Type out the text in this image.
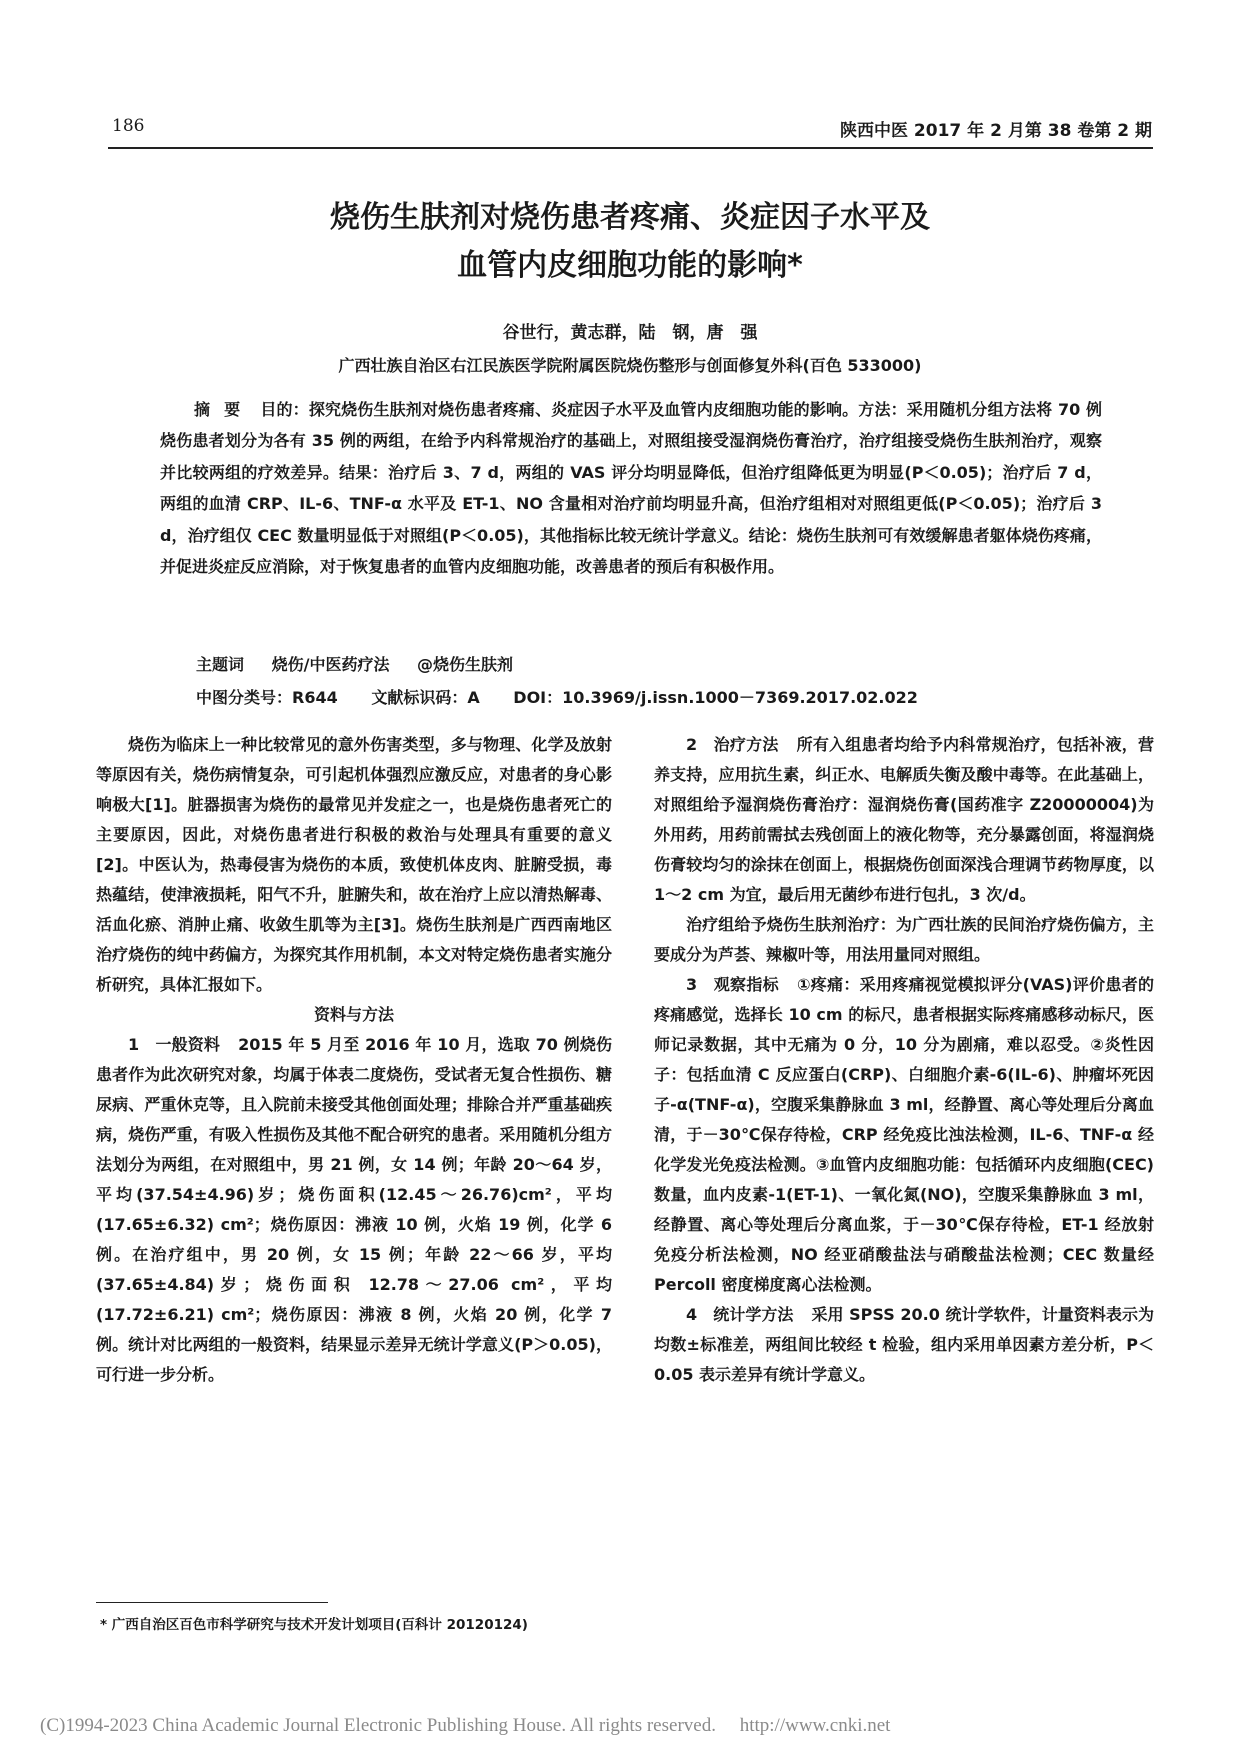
186	陕西中医 2017 年 2 月第 38 卷第 2 期
烧伤生肤剂对烧伤患者疼痛、炎症因子水平及
血管内皮细胞功能的影响*
谷世行，黄志群，陆　钢，唐　强
广西壮族自治区右江民族医学院附属医院烧伤整形与创面修复外科(百色 533000)
摘要 目的：探究烧伤生肤剂对烧伤患者疼痛、炎症因子水平及血管内皮细胞功能的影响。方法：采用随机分组方法将 70 例烧伤患者划分为各有 35 例的两组，在给予内科常规治疗的基础上，对照组接受湿润烧伤膏治疗，治疗组接受烧伤生肤剂治疗，观察并比较两组的疗效差异。结果：治疗后 3、7 d，两组的 VAS 评分均明显降低，但治疗组降低更为明显(P＜0.05)；治疗后 7 d，两组的血清 CRP、IL-6、TNF-α 水平及 ET-1、NO 含量相对治疗前均明显升高，但治疗组相对对照组更低(P＜0.05)；治疗后 3 d，治疗组仅 CEC 数量明显低于对照组(P＜0.05)，其他指标比较无统计学意义。结论：烧伤生肤剂可有效缓解患者躯体烧伤疼痛，并促进炎症反应消除，对于恢复患者的血管内皮细胞功能，改善患者的预后有积极作用。
主题词 烧伤/中医药疗法 @烧伤生肤剂
中图分类号：R644 文献标识码：A DOI：10.3969/j.issn.1000－7369.2017.02.022

烧伤为临床上一种比较常见的意外伤害类型，多与物理、化学及放射等原因有关，烧伤病情复杂，可引起机体强烈应激反应，对患者的身心影响极大[1]。脏器损害为烧伤的最常见并发症之一，也是烧伤患者死亡的主要原因，因此，对烧伤患者进行积极的救治与处理具有重要的意义[2]。中医认为，热毒侵害为烧伤的本质，致使机体皮肉、脏腑受损，毒热蕴结，使津液损耗，阳气不升，脏腑失和，故在治疗上应以清热解毒、活血化瘀、消肿止痛、收敛生肌等为主[3]。烧伤生肤剂是广西西南地区治疗烧伤的纯中药偏方，为探究其作用机制，本文对特定烧伤患者实施分析研究，具体汇报如下。

资料与方法

1　一般资料 2015 年 5 月至 2016 年 10 月，选取 70 例烧伤患者作为此次研究对象，均属于体表二度烧伤，受试者无复合性损伤、糖尿病、严重休克等，且入院前未接受其他创面处理；排除合并严重基础疾病，烧伤严重，有吸入性损伤及其他不配合研究的患者。采用随机分组方法划分为两组，在对照组中，男 21 例，女 14 例；年龄 20～64 岁，平均(37.54±4.96)岁；烧伤面积(12.45～26.76)cm²，平均(17.65±6.32) cm²；烧伤原因：沸液 10 例，火焰 19 例，化学 6 例。在治疗组中，男 20 例，女 15 例；年龄 22～66 岁，平均(37.65±4.84)岁；烧伤面积 12.78～27.06 cm²，平均(17.72±6.21) cm²；烧伤原因：沸液 8 例，火焰 20 例，化学 7 例。统计对比两组的一般资料，结果显示差异无统计学意义(P＞0.05)，可行进一步分析。

2　治疗方法 所有入组患者均给予内科常规治疗，包括补液，营养支持，应用抗生素，纠正水、电解质失衡及酸中毒等。在此基础上，对照组给予湿润烧伤膏治疗：湿润烧伤膏(国药准字 Z20000004)为外用药，用药前需拭去残创面上的液化物等，充分暴露创面，将湿润烧伤膏较均匀的涂抹在创面上，根据烧伤创面深浅合理调节药物厚度，以 1～2 cm 为宜，最后用无菌纱布进行包扎，3 次/d。

治疗组给予烧伤生肤剂治疗：为广西壮族的民间治疗烧伤偏方，主要成分为芦荟、辣椒叶等，用法用量同对照组。

3　观察指标 ①疼痛：采用疼痛视觉模拟评分(VAS)评价患者的疼痛感觉，选择长 10 cm 的标尺，患者根据实际疼痛感移动标尺，医师记录数据，其中无痛为 0 分，10 分为剧痛，难以忍受。②炎性因子：包括血清 C 反应蛋白(CRP)、白细胞介素-6(IL-6)、肿瘤坏死因子-α(TNF-α)，空腹采集静脉血 3 ml，经静置、离心等处理后分离血清，于－30℃保存待检，CRP 经免疫比浊法检测，IL-6、TNF-α 经化学发光免疫法检测。③血管内皮细胞功能：包括循环内皮细胞(CEC)数量，血内皮素-1(ET-1)、一氧化氮(NO)，空腹采集静脉血 3 ml，经静置、离心等处理后分离血浆，于－30℃保存待检，ET-1 经放射免疫分析法检测，NO 经亚硝酸盐法与硝酸盐法检测；CEC 数量经 Percoll 密度梯度离心法检测。

4　统计学方法 采用 SPSS 20.0 统计学软件，计量资料表示为均数±标准差，两组间比较经 t 检验，组内采用单因素方差分析，P＜0.05 表示差异有统计学意义。

* 广西自治区百色市科学研究与技术开发计划项目(百科计 20120124)
(C)1994-2023 China Academic Journal Electronic Publishing House. All rights reserved.　 http://www.cnki.net
